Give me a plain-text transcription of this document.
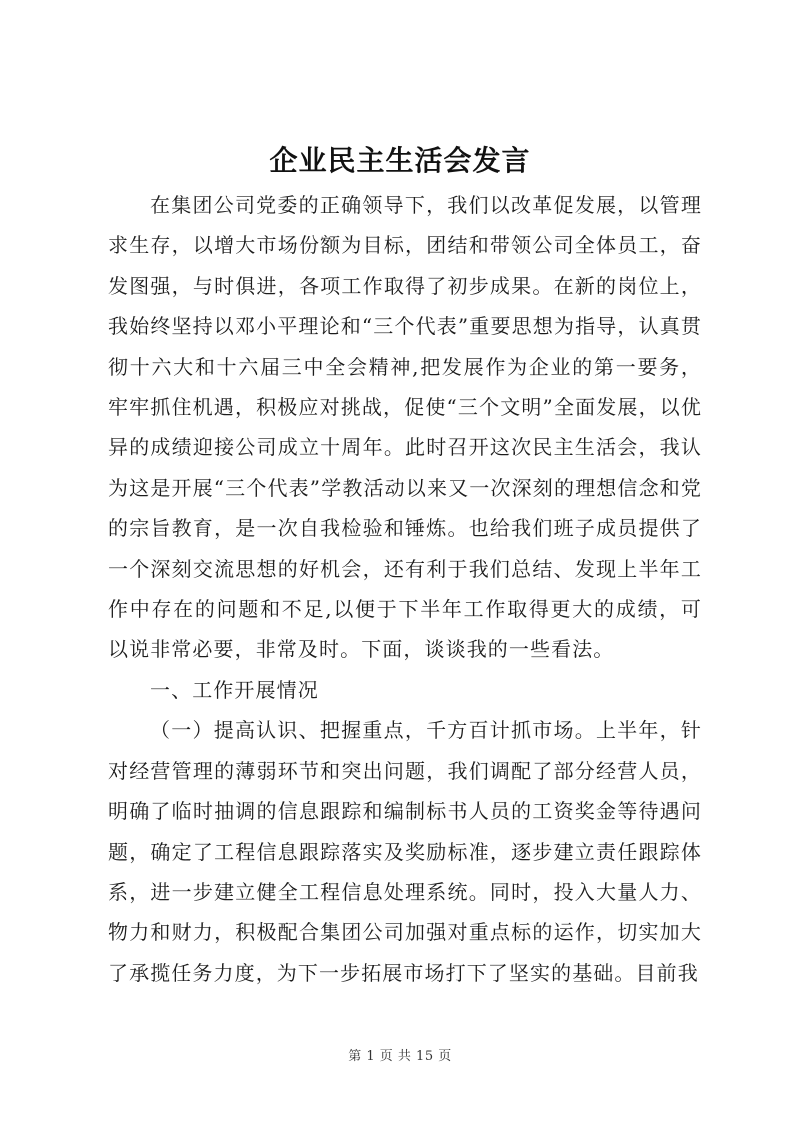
企业民主生活会发言

在集团公司党委的正确领导下，我们以改革促发展，以管理求生存，以增大市场份额为目标，团结和带领公司全体员工，奋发图强，与时俱进，各项工作取得了初步成果。在新的岗位上，我始终坚持以邓小平理论和“三个代表”重要思想为指导，认真贯彻十六大和十六届三中全会精神,把发展作为企业的第一要务，牢牢抓住机遇，积极应对挑战，促使“三个文明”全面发展，以优异的成绩迎接公司成立十周年。此时召开这次民主生活会，我认为这是开展“三个代表”学教活动以来又一次深刻的理想信念和党的宗旨教育，是一次自我检验和锤炼。也给我们班子成员提供了一个深刻交流思想的好机会，还有利于我们总结、发现上半年工作中存在的问题和不足,以便于下半年工作取得更大的成绩，可以说非常必要，非常及时。下面，谈谈我的一些看法。

一、工作开展情况

（一）提高认识、把握重点，千方百计抓市场。上半年，针对经营管理的薄弱环节和突出问题，我们调配了部分经营人员，明确了临时抽调的信息跟踪和编制标书人员的工资奖金等待遇问题，确定了工程信息跟踪落实及奖励标准，逐步建立责任跟踪体系，进一步建立健全工程信息处理系统。同时，投入大量人力、物力和财力，积极配合集团公司加强对重点标的运作，切实加大了承揽任务力度，为下一步拓展市场打下了坚实的基础。目前我

第 1 页 共 15 页
